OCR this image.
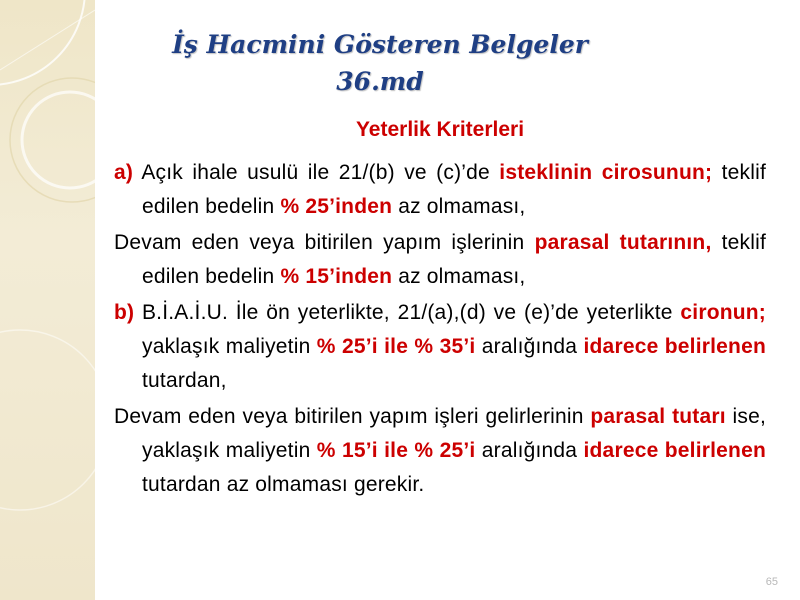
İş Hacmini Gösteren Belgeler
36.md
Yeterlik Kriterleri

a) Açık ihale usulü ile 21/(b) ve (c)’de isteklinin cirosunun; teklif edilen bedelin % 25’inden az olmaması,

Devam eden veya bitirilen yapım işlerinin parasal tutarının, teklif edilen bedelin % 15’inden az olmaması,

b) B.İ.A.İ.U. İle ön yeterlikte, 21/(a),(d) ve (e)’de yeterlikte cironun; yaklaşık maliyetin % 25’i ile % 35’i aralığında idarece belirlenen tutardan,

Devam eden veya bitirilen yapım işleri gelirlerinin parasal tutarı ise, yaklaşık maliyetin % 15’i ile % 25’i aralığında idarece belirlenen tutardan az olmaması gerekir.

65
